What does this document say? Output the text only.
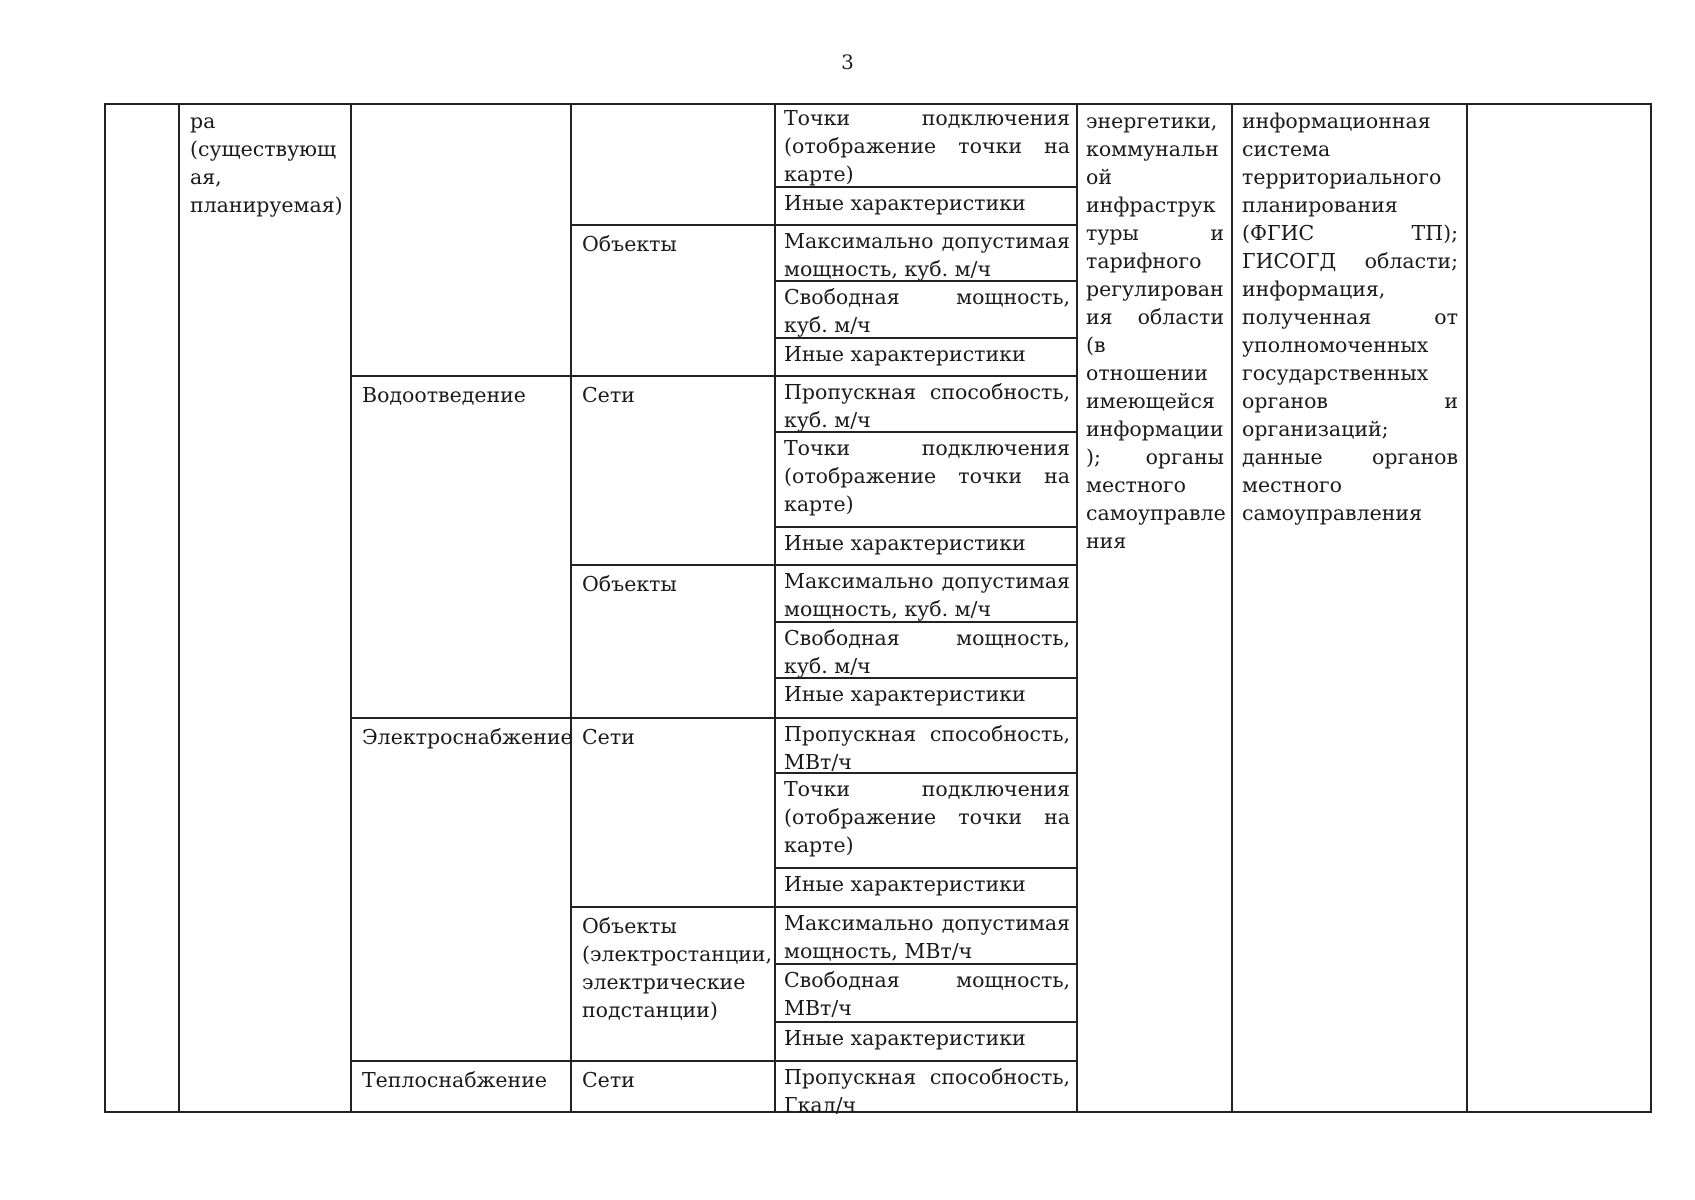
3
ра (существующ ая, планируемая)
Водоотведение
Электроснабжение
Теплоснабжение
Объекты
Сети
Объекты
Сети
Объекты (электростанции, электрические подстанции)
Сети
Точки подключения (отображение точки на карте)
Иные характеристики
Максимально допустимая мощность, куб. м/ч
Свободная мощность, куб. м/ч
Иные характеристики
Пропускная способность, куб. м/ч
Точки подключения (отображение точки на карте)
Иные характеристики
Максимально допустимая мощность, куб. м/ч
Свободная мощность, куб. м/ч
Иные характеристики
Пропускная способность, МВт/ч
Точки подключения (отображение точки на карте)
Иные характеристики
Максимально допустимая мощность, МВт/ч
Свободная мощность, МВт/ч
Иные характеристики
Пропускная способность, Гкал/ч
энергетики, коммунальн ой инфраструк туры и тарифного регулирован ия области (в отношении имеющейся информации ); органы местного самоуправле ния
информационная система территориального планирования (ФГИС ТП); ГИСОГД области; информация, полученная от уполномоченных государственных органов и организаций; данные органов местного самоуправления
